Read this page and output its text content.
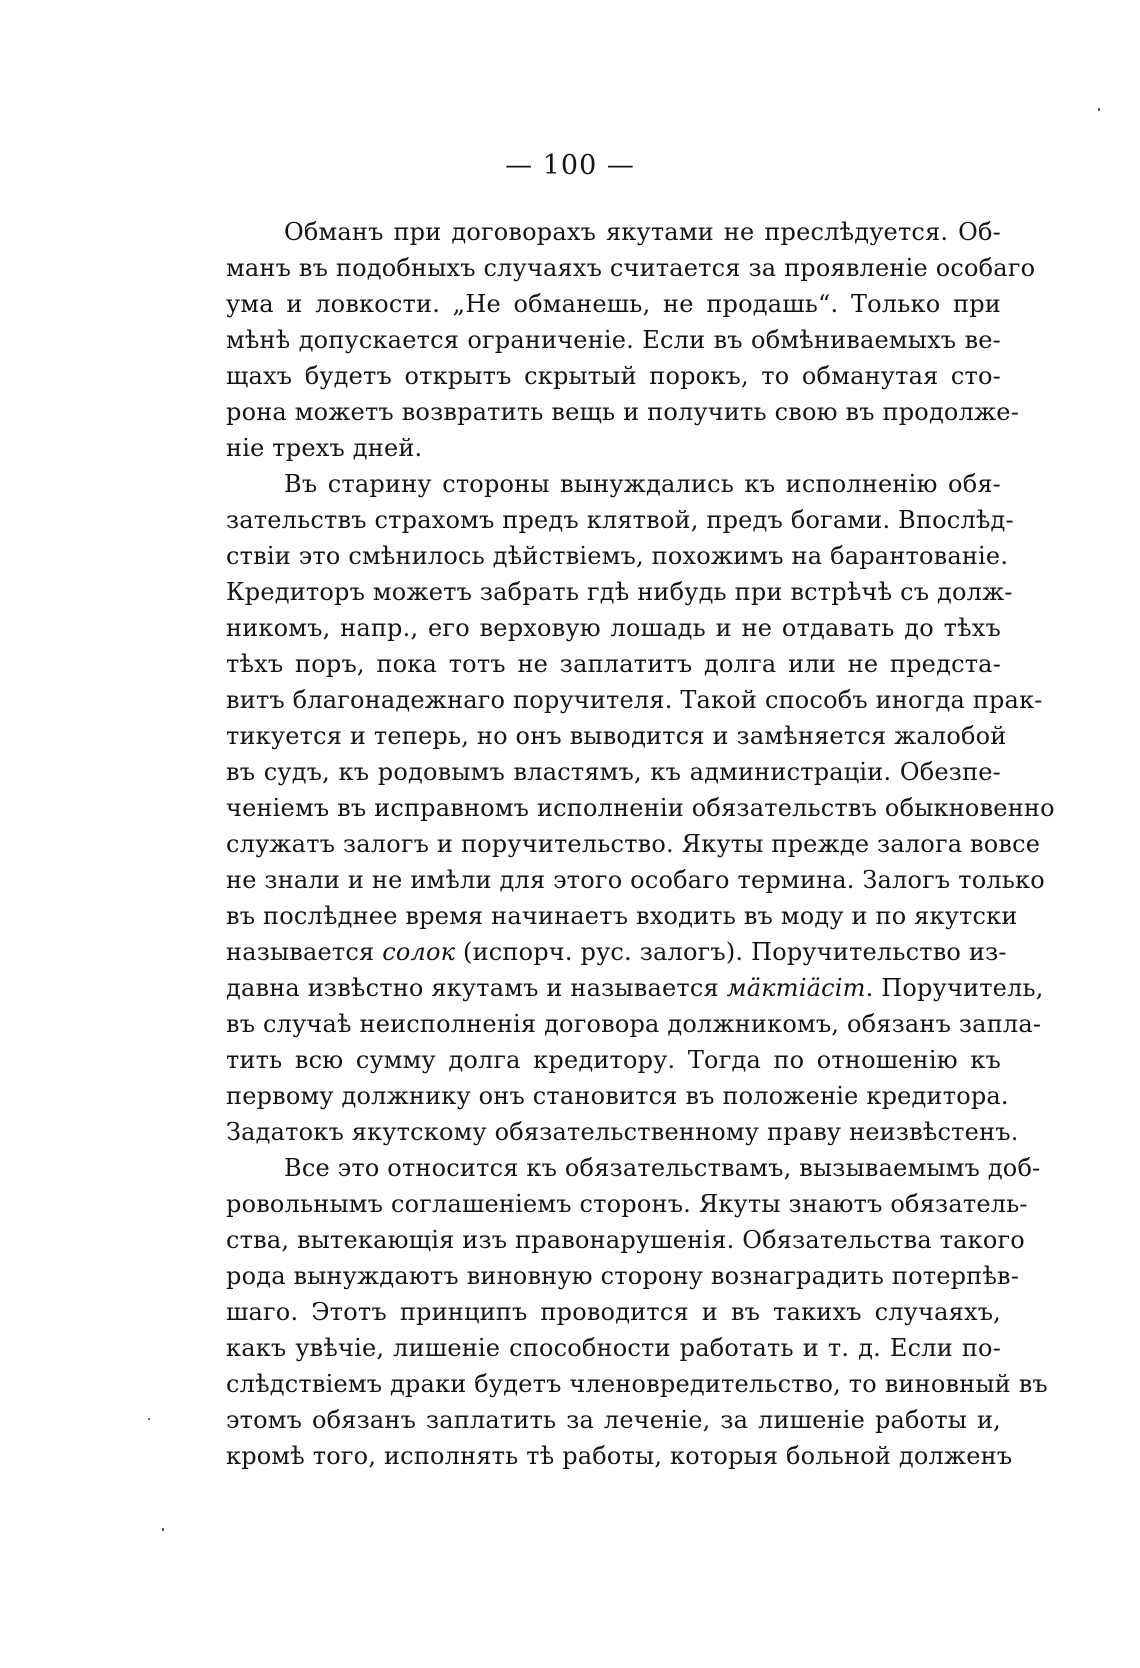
— 100 —
Обманъ при договорахъ якутами не преслѣдуется. Об-
манъ въ подобныхъ случаяхъ считается за проявленіе особаго
ума и ловкости. „Не обманешь, не продашь“. Только при
мѣнѣ допускается ограниченіе. Если въ обмѣниваемыхъ ве-
щахъ будетъ открытъ скрытый порокъ, то обманутая сто-
рона можетъ возвратить вещь и получить свою въ продолже-
ніе трехъ дней.
Въ старину стороны вынуждались къ исполненію обя-
зательствъ страхомъ предъ клятвой, предъ богами. Впослѣд-
ствіи это смѣнилось дѣйствіемъ, похожимъ на барантованіе.
Кредиторъ можетъ забрать гдѣ нибудь при встрѣчѣ съ долж-
никомъ, напр., его верховую лошадь и не отдавать до тѣхъ
тѣхъ поръ, пока тотъ не заплатитъ долга или не предста-
витъ благонадежнаго поручителя. Такой способъ иногда прак-
тикуется и теперь, но онъ выводится и замѣняется жалобой
въ судъ, къ родовымъ властямъ, къ администраціи. Обезпе-
ченіемъ въ исправномъ исполненіи обязательствъ обыкновенно
служатъ залогъ и поручительство. Якуты прежде залога вовсе
не знали и не имѣли для этого особаго термина. Залогъ только
въ послѣднее время начинаетъ входить въ моду и по якутски
называется солок (испорч. рус. залогъ). Поручительство из-
давна извѣстно якутамъ и называется мäктiäсiт. Поручитель,
въ случаѣ неисполненія договора должникомъ, обязанъ запла-
тить всю сумму долга кредитору. Тогда по отношенію къ
первому должнику онъ становится въ положеніе кредитора.
Задатокъ якутскому обязательственному праву неизвѣстенъ.
Все это относится къ обязательствамъ, вызываемымъ доб-
ровольнымъ соглашеніемъ сторонъ. Якуты знаютъ обязатель-
ства, вытекающія изъ правонарушенія. Обязательства такого
рода вынуждаютъ виновную сторону вознаградить потерпѣв-
шаго. Этотъ принципъ проводится и въ такихъ случаяхъ,
какъ увѣчіе, лишеніе способности работать и т. д. Если по-
слѣдствіемъ драки будетъ членовредительство, то виновный въ
этомъ обязанъ заплатить за леченіе, за лишеніе работы и,
кромѣ того, исполнять тѣ работы, которыя больной долженъ
